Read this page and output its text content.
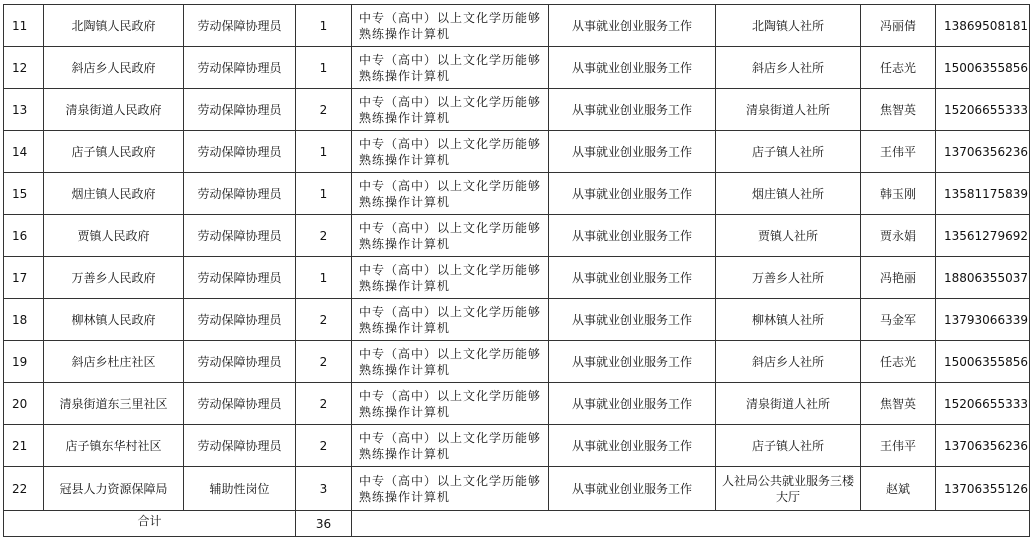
11	北陶镇人民政府	劳动保障协理员	1	中专（高中）以上文化学历能够熟练操作计算机	从事就业创业服务工作	北陶镇人社所	冯丽倩	13869508181
12	斜店乡人民政府	劳动保障协理员	1	中专（高中）以上文化学历能够熟练操作计算机	从事就业创业服务工作	斜店乡人社所	任志光	15006355856
13	清泉街道人民政府	劳动保障协理员	2	中专（高中）以上文化学历能够熟练操作计算机	从事就业创业服务工作	清泉街道人社所	焦智英	15206655333
14	店子镇人民政府	劳动保障协理员	1	中专（高中）以上文化学历能够熟练操作计算机	从事就业创业服务工作	店子镇人社所	王伟平	13706356236
15	烟庄镇人民政府	劳动保障协理员	1	中专（高中）以上文化学历能够熟练操作计算机	从事就业创业服务工作	烟庄镇人社所	韩玉刚	13581175839
16	贾镇人民政府	劳动保障协理员	2	中专（高中）以上文化学历能够熟练操作计算机	从事就业创业服务工作	贾镇人社所	贾永娟	13561279692
17	万善乡人民政府	劳动保障协理员	1	中专（高中）以上文化学历能够熟练操作计算机	从事就业创业服务工作	万善乡人社所	冯艳丽	18806355037
18	柳林镇人民政府	劳动保障协理员	2	中专（高中）以上文化学历能够熟练操作计算机	从事就业创业服务工作	柳林镇人社所	马金军	13793066339
19	斜店乡杜庄社区	劳动保障协理员	2	中专（高中）以上文化学历能够熟练操作计算机	从事就业创业服务工作	斜店乡人社所	任志光	15006355856
20	清泉街道东三里社区	劳动保障协理员	2	中专（高中）以上文化学历能够熟练操作计算机	从事就业创业服务工作	清泉街道人社所	焦智英	15206655333
21	店子镇东华村社区	劳动保障协理员	2	中专（高中）以上文化学历能够熟练操作计算机	从事就业创业服务工作	店子镇人社所	王伟平	13706356236
22	冠县人力资源保障局	辅助性岗位	3	中专（高中）以上文化学历能够熟练操作计算机	从事就业创业服务工作	人社局公共就业服务三楼大厅	赵斌	13706355126
合计			36					
